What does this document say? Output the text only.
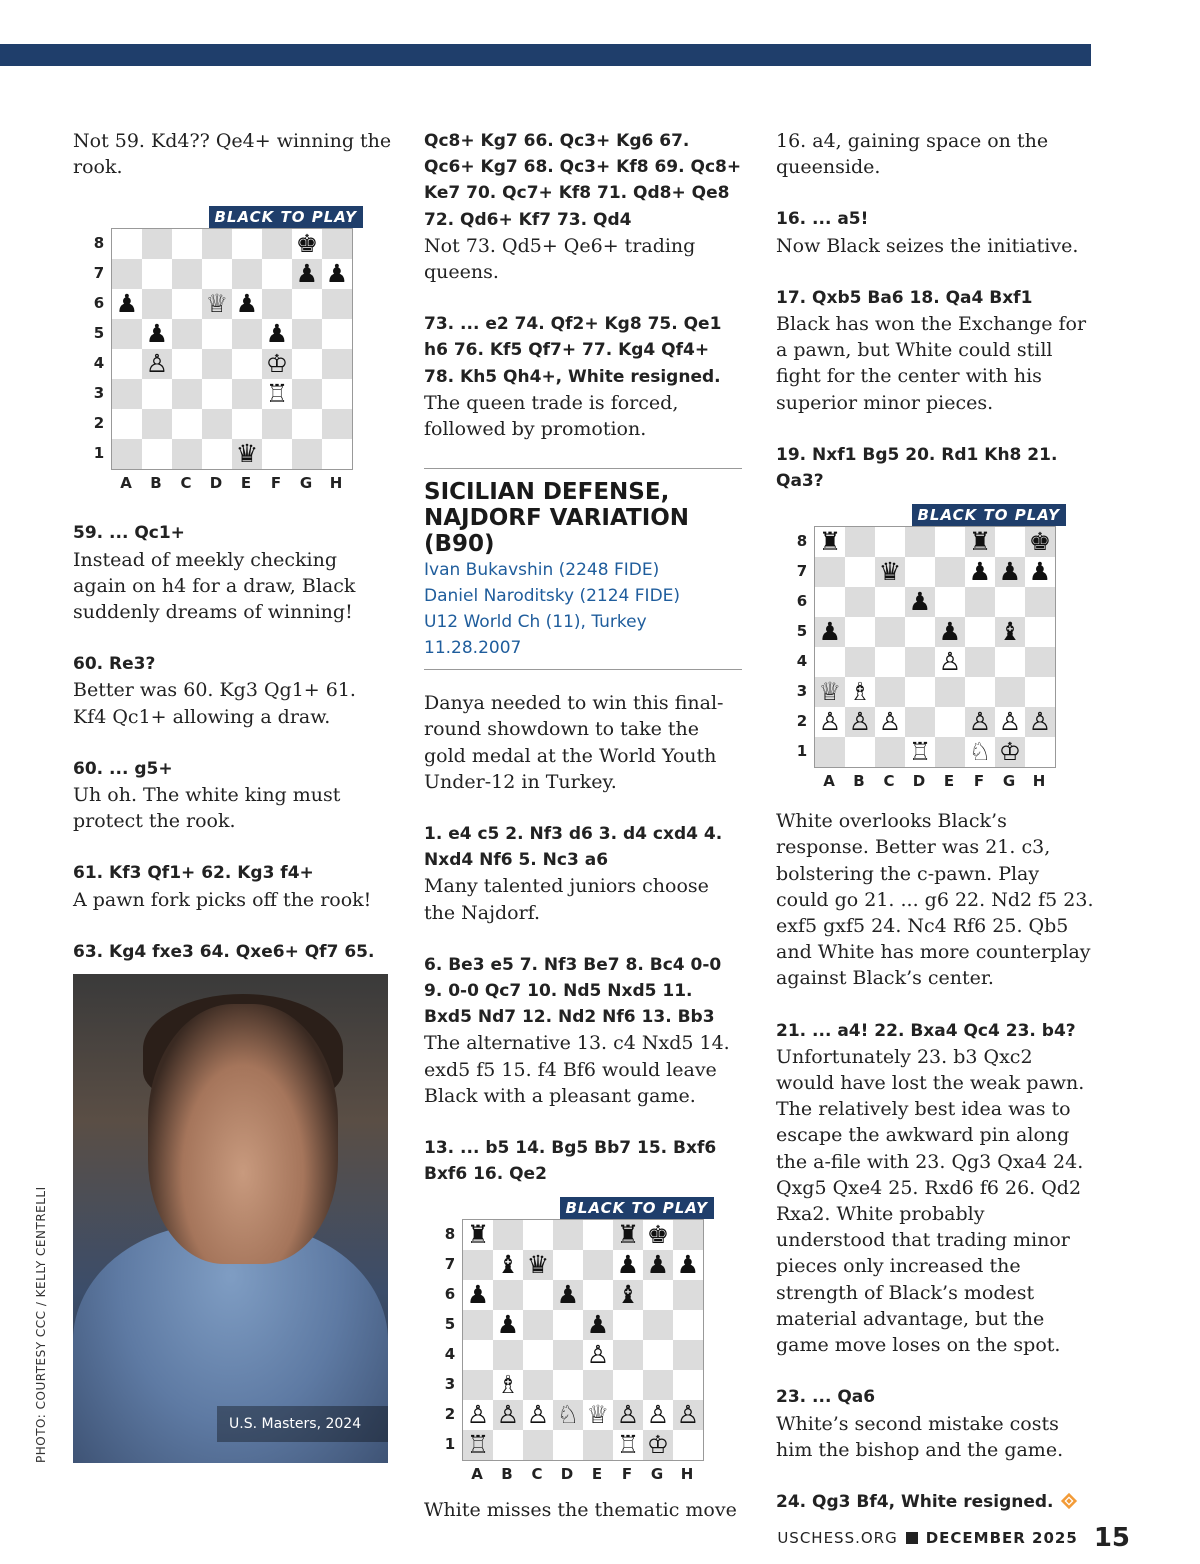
Not 59. Kd4?? Qe4+ winning the rook.
BLACK TO PLAY
8
7
6
5
4
3
2
1
♚
♟ ♟
♟	♕ ♟
♟	♟
♙	♔
♖
♛
A	B	C	D	E	F	G	H
59. ... Qc1+
Instead of meekly checking again on h4 for a draw, Black suddenly dreams of winning!
60. Re3?
Better was 60. Kg3 Qg1+ 61. Kf4 Qc1+ allowing a draw.
60. ... g5+
Uh oh. The white king must protect the rook.
61. Kf3 Qf1+ 62. Kg3 f4+
A pawn fork picks off the rook!
63. Kg4 fxe3 64. Qxe6+ Qf7 65.
U.S. Masters, 2024
PHOTO: COURTESY CCC / KELLY CENTRELLI
Qc8+ Kg7 66. Qc3+ Kg6 67. Qc6+ Kg7 68. Qc3+ Kf8 69. Qc8+ Ke7 70. Qc7+ Kf8 71. Qd8+ Qe8 72. Qd6+ Kf7 73. Qd4
Not 73. Qd5+ Qe6+ trading queens.
73. ... e2 74. Qf2+ Kg8 75. Qe1 h6 76. Kf5 Qf7+ 77. Kg4 Qf4+ 78. Kh5 Qh4+, White resigned.
The queen trade is forced, followed by promotion.
SICILIAN DEFENSE, NAJDORF VARIATION (B90)
Ivan Bukavshin (2248 FIDE)
Daniel Naroditsky (2124 FIDE)
U12 World Ch (11), Turkey 11.28.2007
Danya needed to win this final-round showdown to take the gold medal at the World Youth Under-12 in Turkey.
1. e4 c5 2. Nf3 d6 3. d4 cxd4 4. Nxd4 Nf6 5. Nc3 a6
Many talented juniors choose the Najdorf.
6. Be3 e5 7. Nf3 Be7 8. Bc4 0-0 9. 0-0 Qc7 10. Nd5 Nxd5 11. Bxd5 Nd7 12. Nd2 Nf6 13. Bb3
The alternative 13. c4 Nxd5 14. exd5 f5 15. f4 Bf6 would leave Black with a pleasant game.
13. ... b5 14. Bg5 Bb7 15. Bxf6 Bxf6 16. Qe2
BLACK TO PLAY
8
7
6
5
4
3
2
1
♜	♜ ♚
♝ ♛	♟ ♟ ♟
♟	♟ ♝
♟	♟
♙
♗
♙ ♙ ♙ ♘ ♕ ♙ ♙ ♙
♖	♖ ♔
A	B	C	D	E	F	G	H
White misses the thematic move
16. a4, gaining space on the queenside.
16. ... a5!
Now Black seizes the initiative.
17. Qxb5 Ba6 18. Qa4 Bxf1
Black has won the Exchange for a pawn, but White could still fight for the center with his superior minor pieces.
19. Nxf1 Bg5 20. Rd1 Kh8 21. Qa3?
BLACK TO PLAY
8
7
6
5
4
3
2
1
♜	♜ ♚
♛	♟ ♟ ♟
♟
♟	♟ ♝
♙
♕ ♗
♙ ♙ ♙	♙ ♙ ♙
♖ ♘ ♔
A	B	C	D	E	F	G	H
White overlooks Black’s response. Better was 21. c3, bolstering the c-pawn. Play could go 21. ... g6 22. Nd2 f5 23. exf5 gxf5 24. Nc4 Rf6 25. Qb5 and White has more counterplay against Black’s center.
21. ... a4! 22. Bxa4 Qc4 23. b4?
Unfortunately 23. b3 Qxc2 would have lost the weak pawn. The relatively best idea was to escape the awkward pin along the a-file with 23. Qg3 Qxa4 24. Qxg5 Qxe4 25. Rxd6 f6 26. Qd2 Rxa2. White probably understood that trading minor pieces only increased the strength of Black’s modest material advantage, but the game move loses on the spot.
23. ... Qa6
White’s second mistake costs him the bishop and the game.
24. Qg3 Bf4, White resigned.
USCHESS.ORG DECEMBER 2025 15
